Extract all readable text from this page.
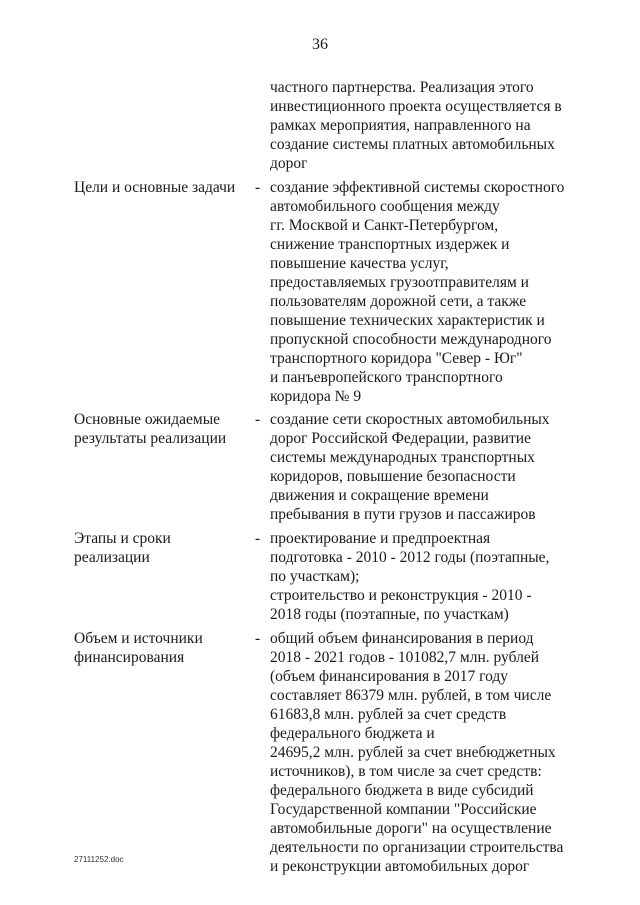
36
частного партнерства. Реализация этого
инвестиционного проекта осуществляется в
рамках мероприятия, направленного на
создание системы платных автомобильных
дорог
Цели и основные задачи - создание эффективной системы скоростного
автомобильного сообщения между
гг. Москвой и Санкт-Петербургом,
снижение транспортных издержек и
повышение качества услуг,
предоставляемых грузоотправителям и
пользователям дорожной сети, а также
повышение технических характеристик и
пропускной способности международного
транспортного коридора "Север - Юг"
и панъевропейского транспортного
коридора № 9
Основные ожидаемые
результаты реализации
- создание сети скоростных автомобильных
дорог Российской Федерации, развитие
системы международных транспортных
коридоров, повышение безопасности
движения и сокращение времени
пребывания в пути грузов и пассажиров
Этапы и сроки
реализации
- проектирование и предпроектная
подготовка - 2010 - 2012 годы (поэтапные,
по участкам);
строительство и реконструкция - 2010 -
2018 годы (поэтапные, по участкам)
Объем и источники
финансирования
- общий объем финансирования в период
2018 - 2021 годов - 101082,7 млн. рублей
(объем финансирования в 2017 году
составляет 86379 млн. рублей, в том числе
61683,8 млн. рублей за счет средств
федерального бюджета и
24695,2 млн. рублей за счет внебюджетных
источников), в том числе за счет средств:
федерального бюджета в виде субсидий
Государственной компании "Российские
автомобильные дороги" на осуществление
деятельности по организации строительства
и реконструкции автомобильных дорог
27111252.doc
